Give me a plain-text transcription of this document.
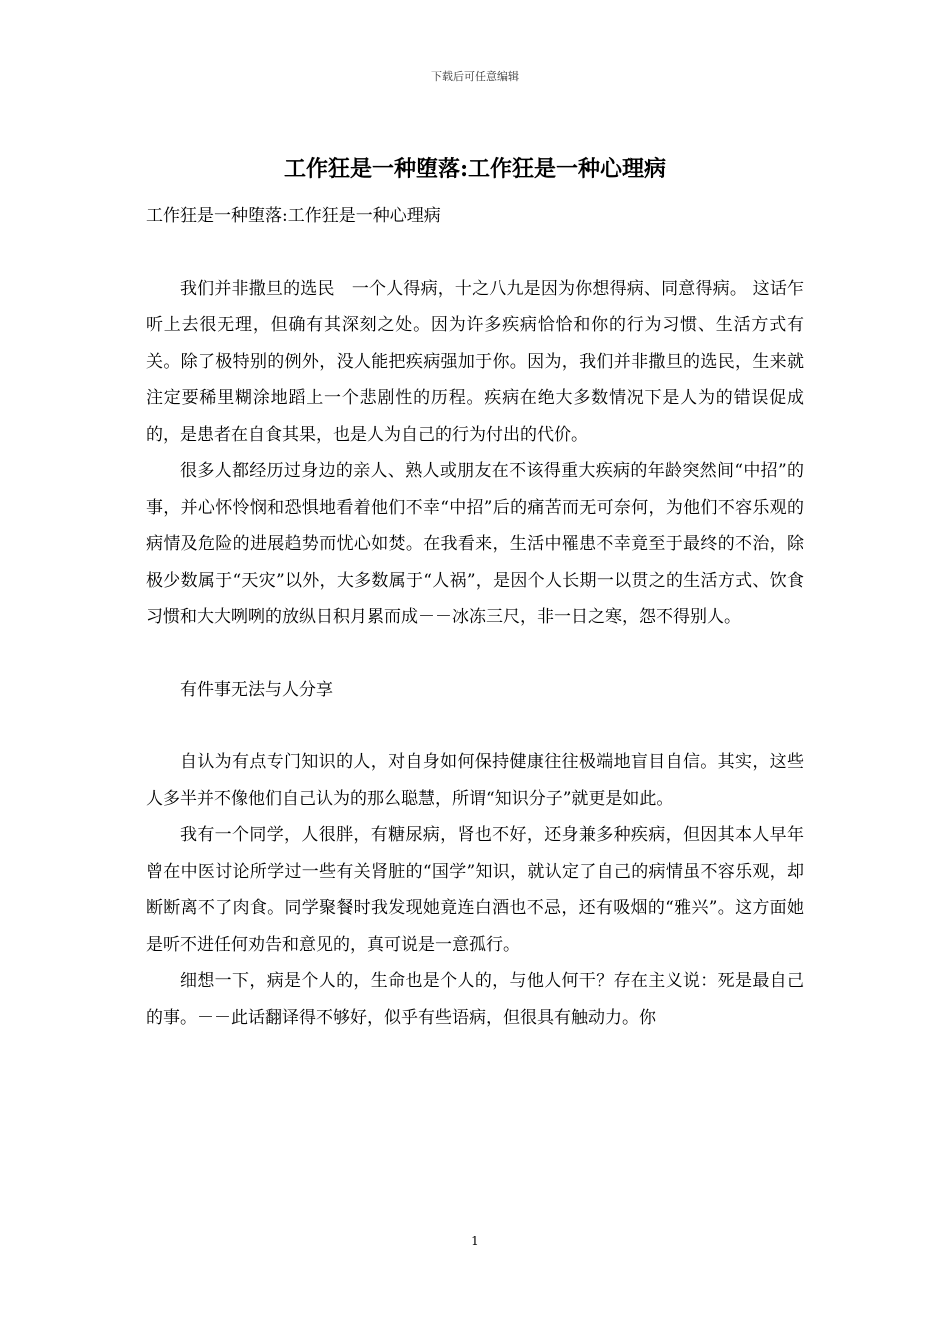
下载后可任意编辑
工作狂是一种堕落:工作狂是一种心理病

工作狂是一种堕落:工作狂是一种心理病

我们并非撒旦的选民　一个人得病，十之八九是因为你想得病、同意得病。 这话乍听上去很无理，但确有其深刻之处。因为许多疾病恰恰和你的行为习惯、生活方式有关。除了极特别的例外，没人能把疾病强加于你。因为，我们并非撒旦的选民，生来就注定要稀里糊涂地蹈上一个悲剧性的历程。疾病在绝大多数情况下是人为的错误促成的，是患者在自食其果，也是人为自己的行为付出的代价。

很多人都经历过身边的亲人、熟人或朋友在不该得重大疾病的年龄突然间“中招”的事，并心怀怜悯和恐惧地看着他们不幸“中招”后的痛苦而无可奈何，为他们不容乐观的病情及危险的进展趋势而忧心如焚。在我看来，生活中罹患不幸竟至于最终的不治，除极少数属于“天灾”以外，大多数属于“人祸”，是因个人长期一以贯之的生活方式、饮食习惯和大大咧咧的放纵日积月累而成－－冰冻三尺，非一日之寒，怨不得别人。

有件事无法与人分享

自认为有点专门知识的人，对自身如何保持健康往往极端地盲目自信。其实，这些人多半并不像他们自己认为的那么聪慧，所谓“知识分子”就更是如此。

我有一个同学，人很胖，有糖尿病，肾也不好，还身兼多种疾病，但因其本人早年曾在中医讨论所学过一些有关肾脏的“国学”知识，就认定了自己的病情虽不容乐观，却断断离不了肉食。同学聚餐时我发现她竟连白酒也不忌，还有吸烟的“雅兴”。这方面她是听不进任何劝告和意见的，真可说是一意孤行。

细想一下，病是个人的，生命也是个人的，与他人何干？存在主义说：死是最自己的事。－－此话翻译得不够好，似乎有些语病，但很具有触动力。你

1
